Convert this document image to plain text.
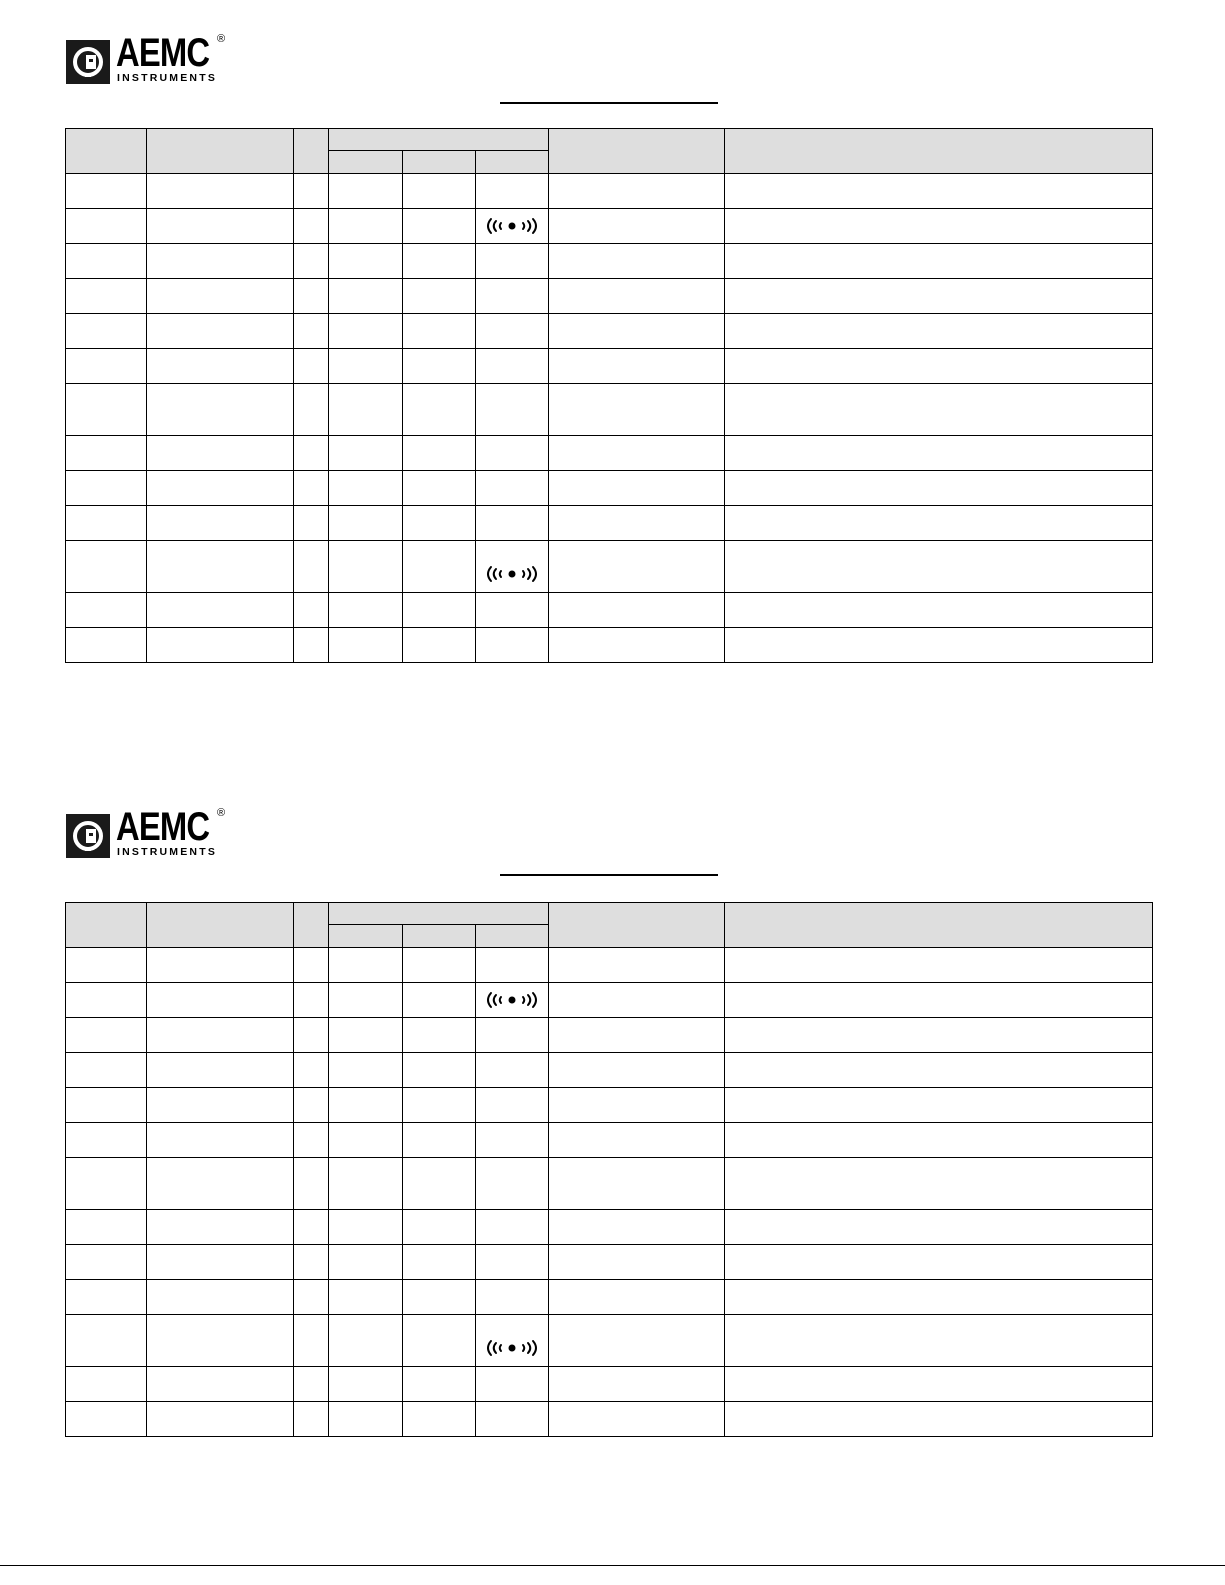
AEMC ®
INSTRUMENTS

AEMC ®
INSTRUMENTS
